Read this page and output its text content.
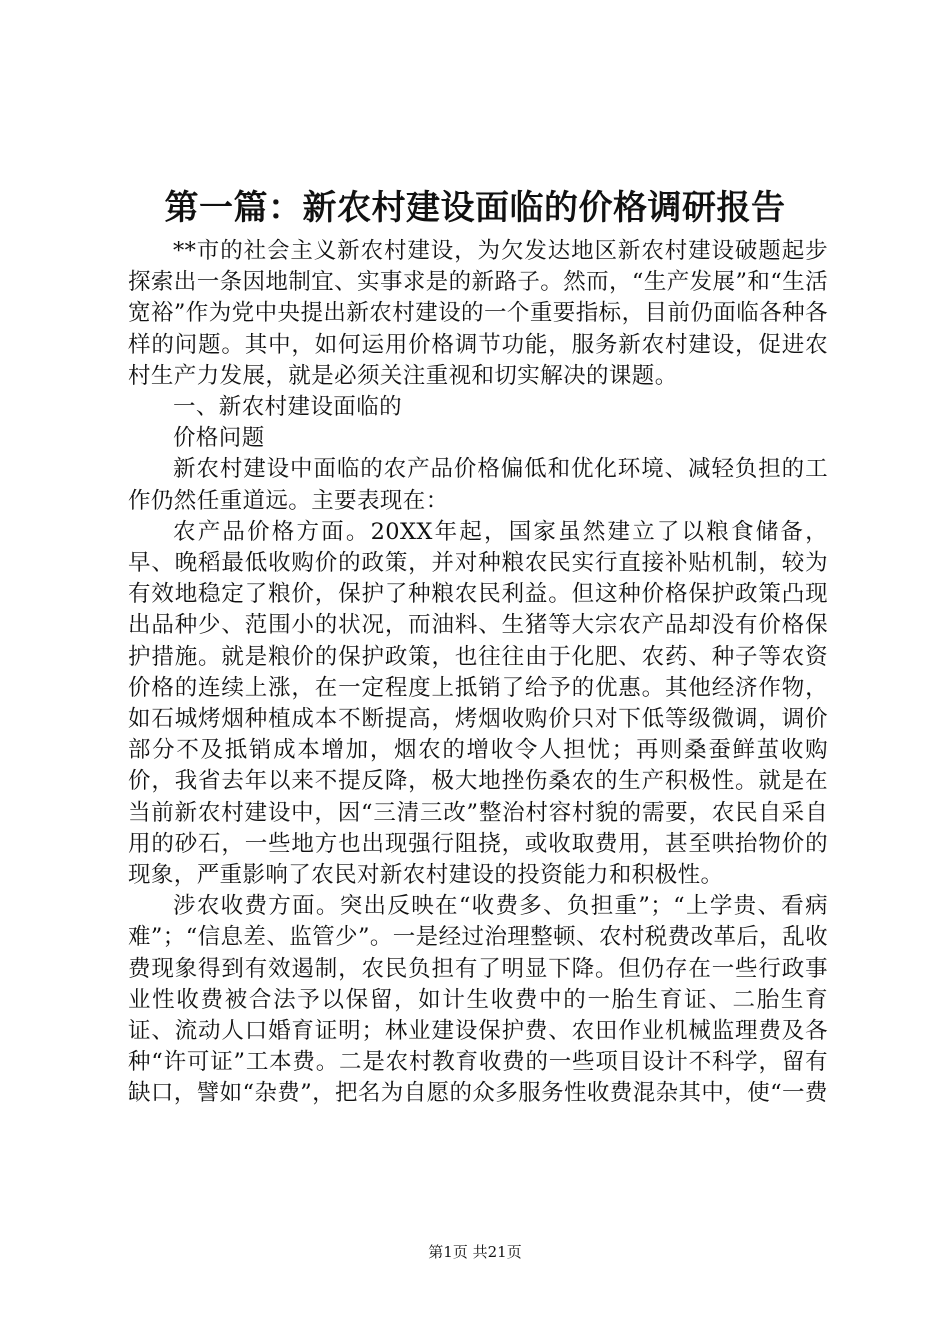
第一篇：新农村建设面临的价格调研报告

**市的社会主义新农村建设，为欠发达地区新农村建设破题起步探索出一条因地制宜、实事求是的新路子。然而，“生产发展”和“生活宽裕”作为党中央提出新农村建设的一个重要指标，目前仍面临各种各样的问题。其中，如何运用价格调节功能，服务新农村建设，促进农村生产力发展，就是必须关注重视和切实解决的课题。

一、新农村建设面临的

价格问题

新农村建设中面临的农产品价格偏低和优化环境、减轻负担的工作仍然任重道远。主要表现在：

农产品价格方面。20XX年起，国家虽然建立了以粮食储备，早、晚稻最低收购价的政策，并对种粮农民实行直接补贴机制，较为有效地稳定了粮价，保护了种粮农民利益。但这种价格保护政策凸现出品种少、范围小的状况，而油料、生猪等大宗农产品却没有价格保护措施。就是粮价的保护政策，也往往由于化肥、农药、种子等农资价格的连续上涨，在一定程度上抵销了给予的优惠。其他经济作物，如石城烤烟种植成本不断提高，烤烟收购价只对下低等级微调，调价部分不及抵销成本增加，烟农的增收令人担忧；再则桑蚕鲜茧收购价，我省去年以来不提反降，极大地挫伤桑农的生产积极性。就是在当前新农村建设中，因“三清三改”整治村容村貌的需要，农民自采自用的砂石，一些地方也出现强行阻挠，或收取费用，甚至哄抬物价的现象，严重影响了农民对新农村建设的投资能力和积极性。

涉农收费方面。突出反映在“收费多、负担重”；“上学贵、看病难”；“信息差、监管少”。一是经过治理整顿、农村税费改革后，乱收费现象得到有效遏制，农民负担有了明显下降。但仍存在一些行政事业性收费被合法予以保留，如计生收费中的一胎生育证、二胎生育证、流动人口婚育证明；林业建设保护费、农田作业机械监理费及各种“许可证”工本费。二是农村教育收费的一些项目设计不科学，留有缺口，譬如“杂费”，把名为自愿的众多服务性收费混杂其中，使“一费

第1页 共21页
